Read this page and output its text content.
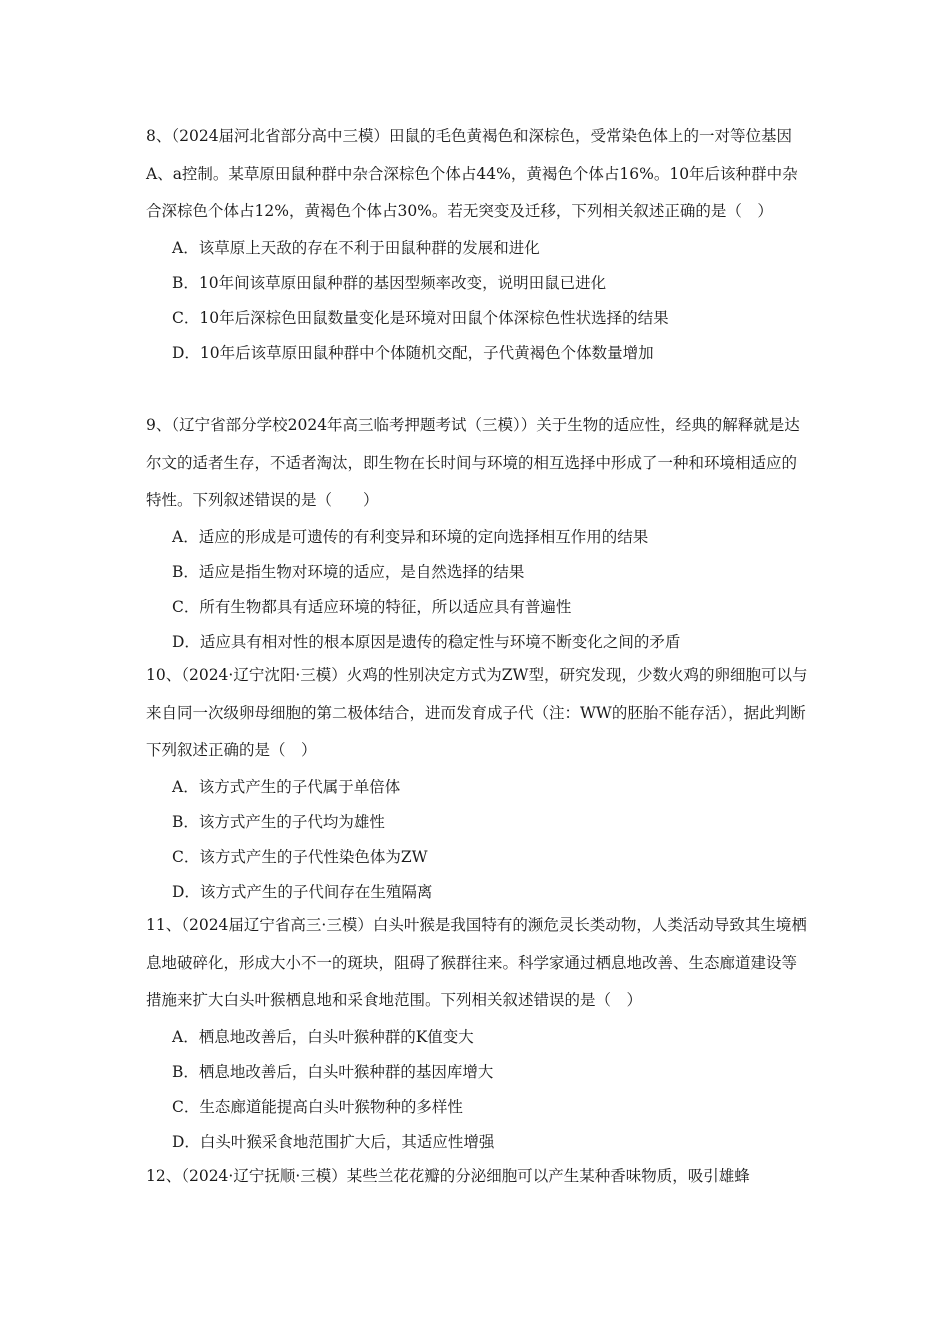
8、（2024届河北省部分高中三模）田鼠的毛色黄褐色和深棕色，受常染色体上的一对等位基因A、a控制。某草原田鼠种群中杂合深棕色个体占44%，黄褐色个体占16%。10年后该种群中杂合深棕色个体占12%，黄褐色个体占30%。若无突变及迁移，下列相关叙述正确的是（　）

A．该草原上天敌的存在不利于田鼠种群的发展和进化

B．10年间该草原田鼠种群的基因型频率改变，说明田鼠已进化

C．10年后深棕色田鼠数量变化是环境对田鼠个体深棕色性状选择的结果

D．10年后该草原田鼠种群中个体随机交配，子代黄褐色个体数量增加

9、（辽宁省部分学校2024年高三临考押题考试（三模））关于生物的适应性，经典的解释就是达尔文的适者生存，不适者淘汰，即生物在长时间与环境的相互选择中形成了一种和环境相适应的特性。下列叙述错误的是（　　）

A．适应的形成是可遗传的有利变异和环境的定向选择相互作用的结果

B．适应是指生物对环境的适应，是自然选择的结果

C．所有生物都具有适应环境的特征，所以适应具有普遍性

D．适应具有相对性的根本原因是遗传的稳定性与环境不断变化之间的矛盾

10、（2024·辽宁沈阳·三模）火鸡的性别决定方式为ZW型，研究发现，少数火鸡的卵细胞可以与来自同一次级卵母细胞的第二极体结合，进而发育成子代（注：WW的胚胎不能存活），据此判断下列叙述正确的是（　）

A．该方式产生的子代属于单倍体

B．该方式产生的子代均为雄性

C．该方式产生的子代性染色体为ZW

D．该方式产生的子代间存在生殖隔离

11、（2024届辽宁省高三·三模）白头叶猴是我国特有的濒危灵长类动物，人类活动导致其生境栖息地破碎化，形成大小不一的斑块，阻碍了猴群往来。科学家通过栖息地改善、生态廊道建设等措施来扩大白头叶猴栖息地和采食地范围。下列相关叙述错误的是（　）

A．栖息地改善后，白头叶猴种群的K值变大

B．栖息地改善后，白头叶猴种群的基因库增大

C．生态廊道能提高白头叶猴物种的多样性

D．白头叶猴采食地范围扩大后，其适应性增强

12、（2024·辽宁抚顺·三模）某些兰花花瓣的分泌细胞可以产生某种香味物质，吸引雄蜂
